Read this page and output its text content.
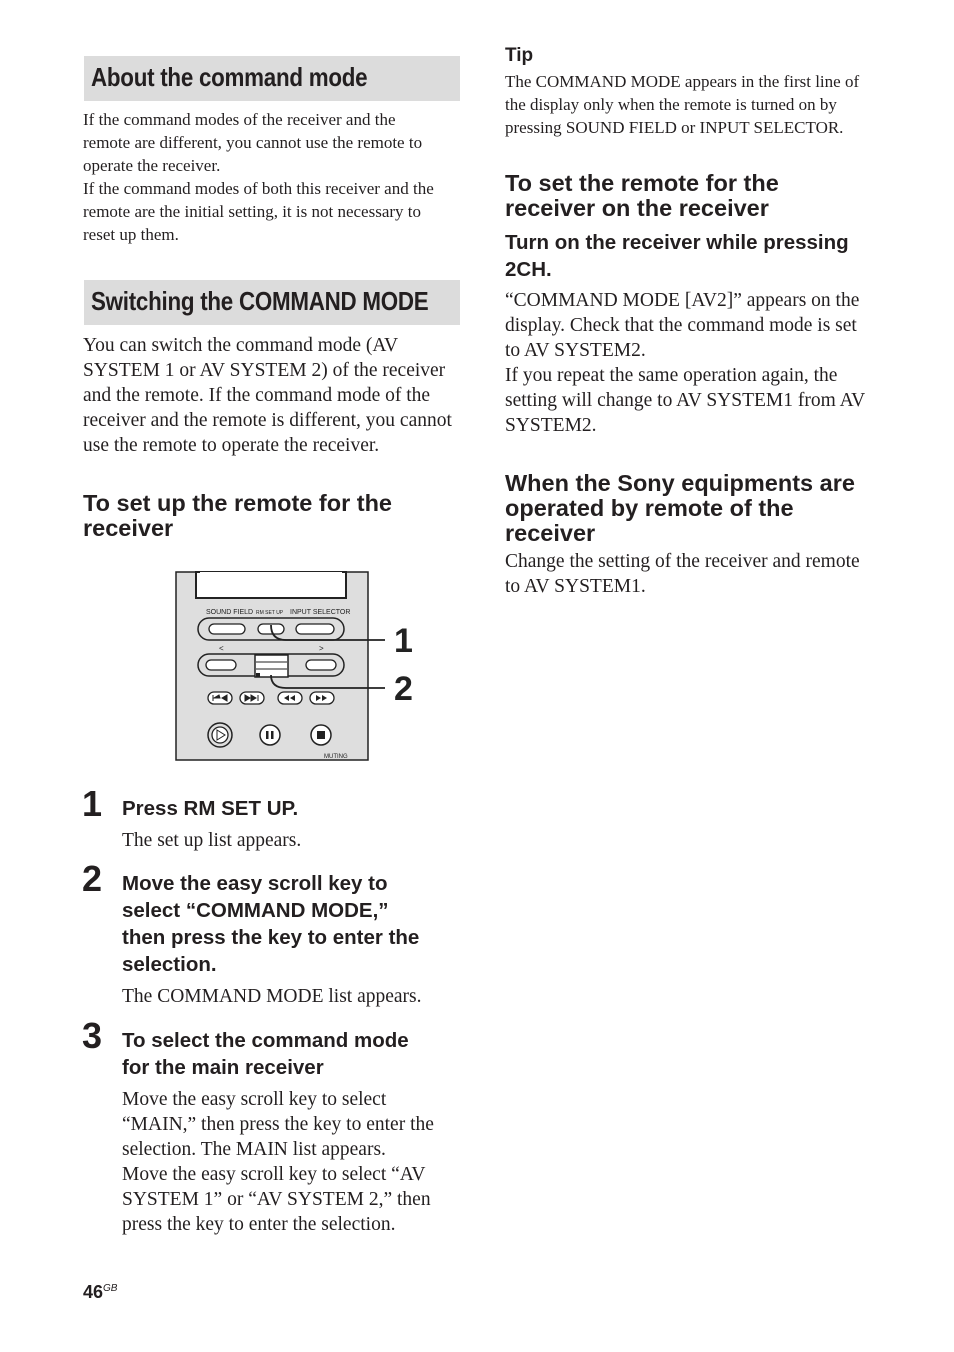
About the command mode
If the command modes of the receiver and the
remote are different, you cannot use the remote to
operate the receiver.
If the command modes of both this receiver and the
remote are the initial setting, it is not necessary to
reset up them.
Switching the COMMAND MODE
You can switch the command mode (AV
SYSTEM 1 or AV SYSTEM 2) of the receiver
and the remote. If the command mode of the
receiver and the remote is different, you cannot
use the remote to operate the receiver.
To set up the remote for the
receiver
SOUND FIELD RM SET UP INPUT SELECTOR
<	>
MUTING
1
2
1 Press RM SET UP.
The set up list appears.
2 Move the easy scroll key to
select “COMMAND MODE,”
then press the key to enter the
selection.
The COMMAND MODE list appears.
3 To select the command mode
for the main receiver
Move the easy scroll key to select
“MAIN,” then press the key to enter the
selection. The MAIN list appears.
Move the easy scroll key to select “AV
SYSTEM 1” or “AV SYSTEM 2,” then
press the key to enter the selection.
$46^{GB}$
Tip
The COMMAND MODE appears in the first line of
the display only when the remote is turned on by
pressing SOUND FIELD or INPUT SELECTOR.
To set the remote for the
receiver on the receiver
Turn on the receiver while pressing
2CH.
“COMMAND MODE [AV2]” appears on the
display. Check that the command mode is set
to AV SYSTEM2.
If you repeat the same operation again, the
setting will change to AV SYSTEM1 from AV
SYSTEM2.
When the Sony equipments are
operated by remote of the
receiver
Change the setting of the receiver and remote
to AV SYSTEM1.
